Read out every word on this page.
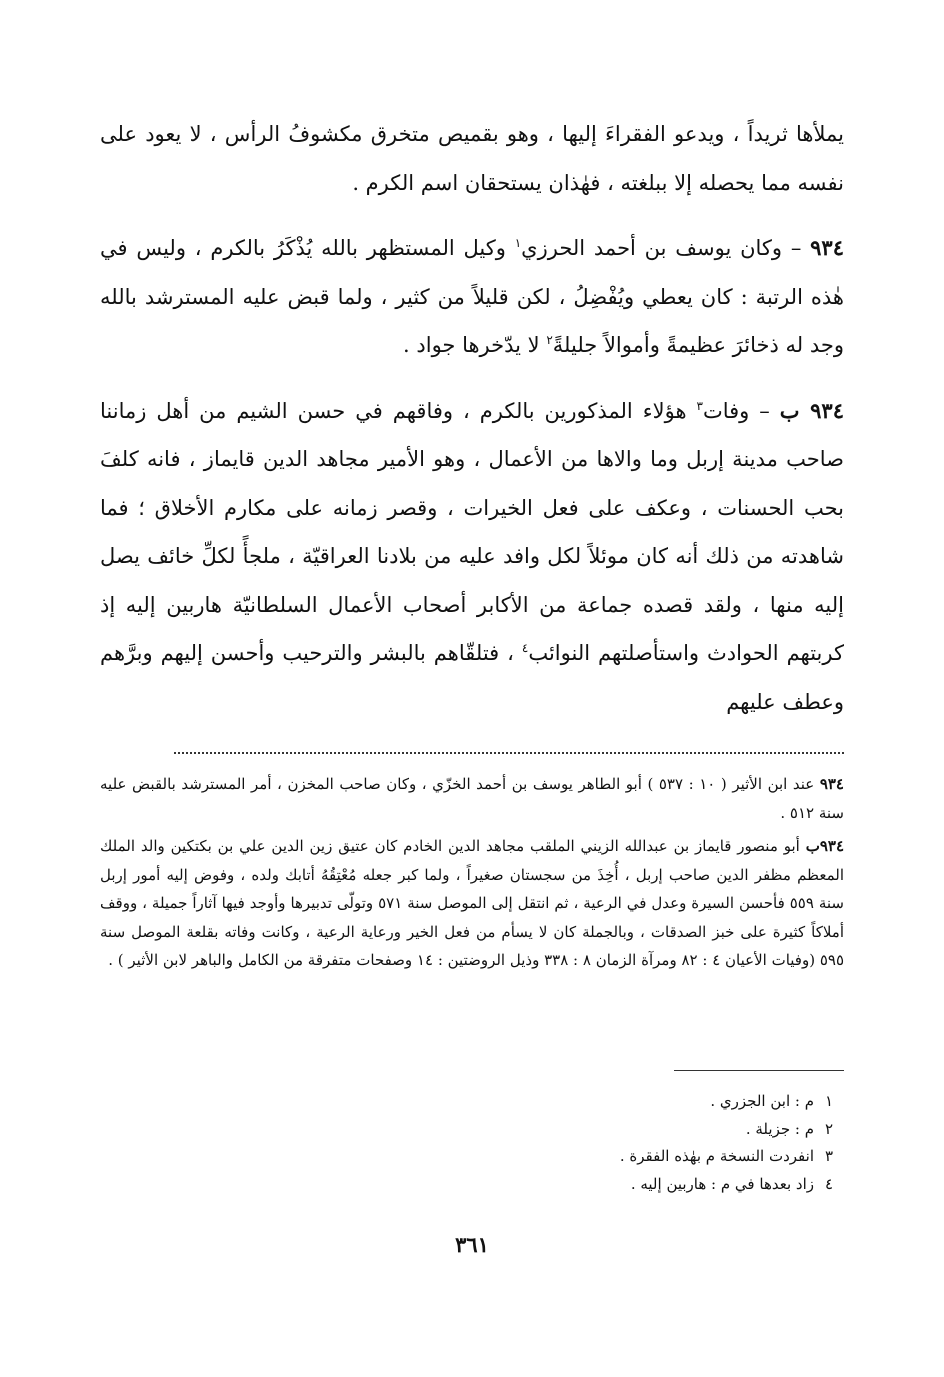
يملأها ثريداً ، ويدعو الفقراءَ إليها ، وهو بقميص متخرق مكشوفُ الرأس ، لا يعود على نفسه مما يحصله إلا ببلغته ، فهٰذان يستحقان اسم الكرم .

٩٣٤ – وكان يوسف بن أحمد الحرزي$^١$ وكيل المستظهر بالله يُذْكَرُ بالكرم ، وليس في هٰذه الرتبة : كان يعطي ويُفْضِلُ ، لكن قليلاً من كثير ، ولما قبض عليه المسترشد بالله وجد له ذخائرَ عظيمةً وأموالاً جليلةً$^٢$ لا يدّخرها جواد .

٩٣٤ ب – وفات$^٣$ هؤلاء المذكورين بالكرم ، وفاقهم في حسن الشيم من أهل زماننا صاحب مدينة إربل وما والاها من الأعمال ، وهو الأمير مجاهد الدين قايماز ، فانه كلفَ بحب الحسنات ، وعكف على فعل الخيرات ، وقصر زمانه على مكارم الأخلاق ؛ فما شاهدته من ذلك أنه كان موئلاً لكل وافد عليه من بلادنا العراقيّة ، ملجأً لكلِّ خائف يصل إليه منها ، ولقد قصده جماعة من الأكابر أصحاب الأعمال السلطانيّة هاربين إليه إذ كربتهم الحوادث واستأصلتهم النوائب$^٤$ ، فتلقّاهم بالبشر والترحيب وأحسن إليهم وبرَّهم وعطف عليهم

٩٣٤ عند ابن الأثير ( ١٠ : ٥٣٧ ) أبو الطاهر يوسف بن أحمد الخزّي ، وكان صاحب المخزن ، أمر المسترشد بالقبض عليه سنة ٥١٢ .

٩٣٤ب أبو منصور قايماز بن عبدالله الزيني الملقب مجاهد الدين الخادم كان عتيق زين الدين علي بن بكتكين والد الملك المعظم مظفر الدين صاحب إربل ، أُخِذَ من سجستان صغيراً ، ولما كبر جعله مُعْتِقُهُ أتابك ولده ، وفوض إليه أمور إربل سنة ٥٥٩ فأحسن السيرة وعدل في الرعية ، ثم انتقل إلى الموصل سنة ٥٧١ وتولّى تدبيرها وأوجد فيها آثاراً جميلة ، ووقف أملاكاً كثيرة على خبز الصدقات ، وبالجملة كان لا يسأم من فعل الخير ورعاية الرعية ، وكانت وفاته بقلعة الموصل سنة ٥٩٥ (وفيات الأعيان ٤ : ٨٢ ومرآة الزمان ٨ : ٣٣٨ وذيل الروضتين : ١٤ وصفحات متفرقة من الكامل والباهر لابن الأثير ) .

١
م : ابن الجزري .
٢
م : جزيلة .
٣
انفردت النسخة م بهٰذه الفقرة .
٤
زاد بعدها في م : هاربين إليه .
٣٦١
